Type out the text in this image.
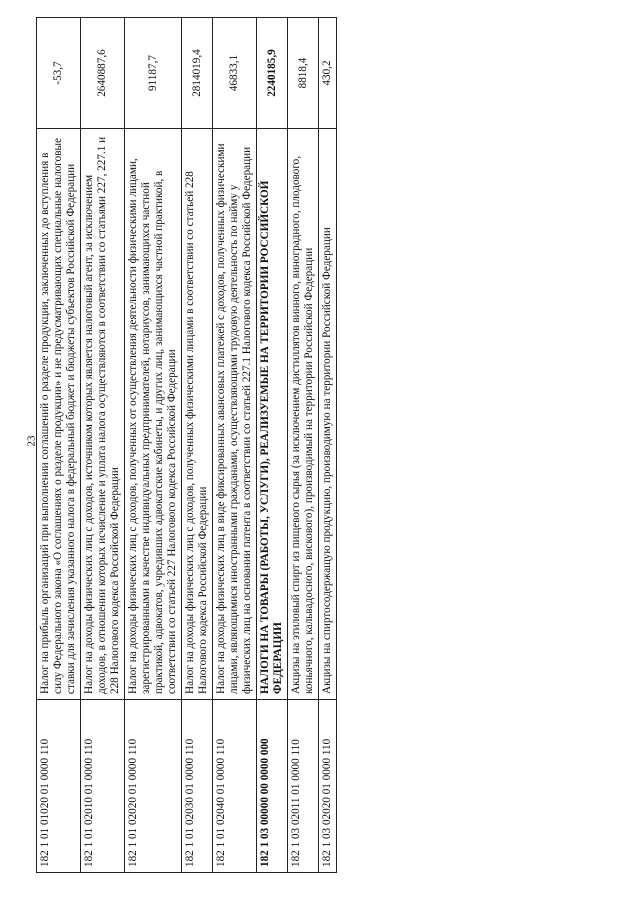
23
182 1 01 01020 01 0000 110	Налог на прибыль организаций при выполнении соглашений о разделе продукции, заключенных до вступления в силу Федерального закона «О соглашениях о разделе продукции» и не предусматривающих специальные налоговые ставки для зачисления указанного налога в федеральный бюджет и бюджеты субъектов Российской Федерации	-53,7
182 1 01 02010 01 0000 110	Налог на доходы физических лиц с доходов, источником которых является налоговый агент, за исключением доходов, в отношении которых исчисление и уплата налога осуществляются в соответствии со статьями 227, 227.1 и 228 Налогового кодекса Российской Федерации	2640887,6
182 1 01 02020 01 0000 110	Налог на доходы физических лиц с доходов, полученных от осуществления деятельности физическими лицами, зарегистрированными в качестве индивидуальных предпринимателей, нотариусов, занимающихся частной практикой, адвокатов, учредивших адвокатские кабинеты, и других лиц, занимающихся частной практикой, в соответствии со статьей 227 Налогового кодекса Российской Федерации	91187,7
182 1 01 02030 01 0000 110	Налог на доходы физических лиц с доходов, полученных физическими лицами в соответствии со статьей 228 Налогового кодекса Российской Федерации	2814019,4
182 1 01 02040 01 0000 110	Налог на доходы физических лиц в виде фиксированных авансовых платежей с доходов, полученных физическими лицами, являющимися иностранными гражданами, осуществляющими трудовую деятельность по найму у физических лиц на основании патента в соответствии со статьей 227.1 Налогового кодекса Российской Федерации	46833,1
182 1 03 00000 00 0000 000	НАЛОГИ НА ТОВАРЫ (РАБОТЫ, УСЛУГИ), РЕАЛИЗУЕМЫЕ НА ТЕРРИТОРИИ РОССИЙСКОЙ ФЕДЕРАЦИИ	2240185,9
182 1 03 02011 01 0000 110	Акцизы на этиловый спирт из пищевого сырья (за исключением дистиллятов винного, виноградного, плодового, коньячного, кальвадосного, вискового), производимый на территории Российской Федерации	8818,4
182 1 03 02020 01 0000 110	Акцизы на спиртосодержащую продукцию, производимую на территории Российской Федерации	430,2
